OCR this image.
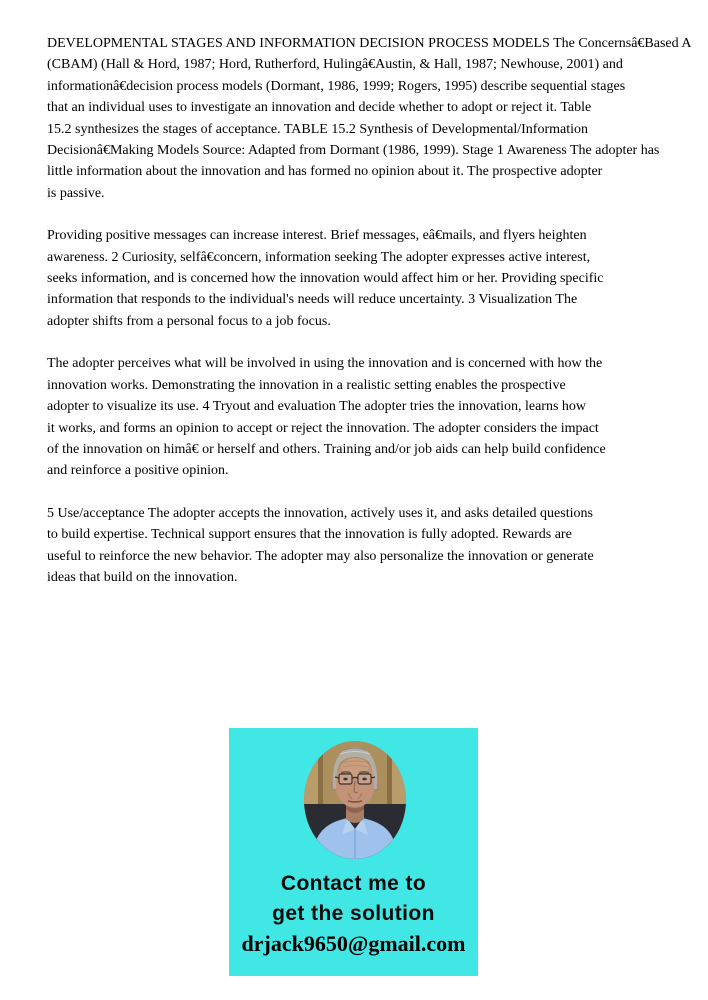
DEVELOPMENTAL STAGES AND INFORMATION DECISION PROCESS MODELS The Concernsâ€Based A
(CBAM) (Hall & Hord, 1987; Hord, Rutherford, Hulingâ€Austin, & Hall, 1987; Newhouse, 2001) and
informationâ€decision process models (Dormant, 1986, 1999; Rogers, 1995) describe sequential stages
that an individual uses to investigate an innovation and decide whether to adopt or reject it. Table
15.2 synthesizes the stages of acceptance. TABLE 15.2 Synthesis of Developmental/Information
Decisionâ€Making Models Source: Adapted from Dormant (1986, 1999). Stage 1 Awareness The adopter has
little information about the innovation and has formed no opinion about it. The prospective adopter
is passive.
Providing positive messages can increase interest. Brief messages, eâ€mails, and flyers heighten
awareness. 2 Curiosity, selfâ€concern, information seeking The adopter expresses active interest,
seeks information, and is concerned how the innovation would affect him or her. Providing specific
information that responds to the individual's needs will reduce uncertainty. 3 Visualization The
adopter shifts from a personal focus to a job focus.
The adopter perceives what will be involved in using the innovation and is concerned with how the
innovation works. Demonstrating the innovation in a realistic setting enables the prospective
adopter to visualize its use. 4 Tryout and evaluation The adopter tries the innovation, learns how
it works, and forms an opinion to accept or reject the innovation. The adopter considers the impact
of the innovation on himâ€ or herself and others. Training and/or job aids can help build confidence
and reinforce a positive opinion.
5 Use/acceptance The adopter accepts the innovation, actively uses it, and asks detailed questions
to build expertise. Technical support ensures that the innovation is fully adopted. Rewards are
useful to reinforce the new behavior. The adopter may also personalize the innovation or generate
ideas that build on the innovation.
Contact me to
get the solution
drjack9650@gmail.com
